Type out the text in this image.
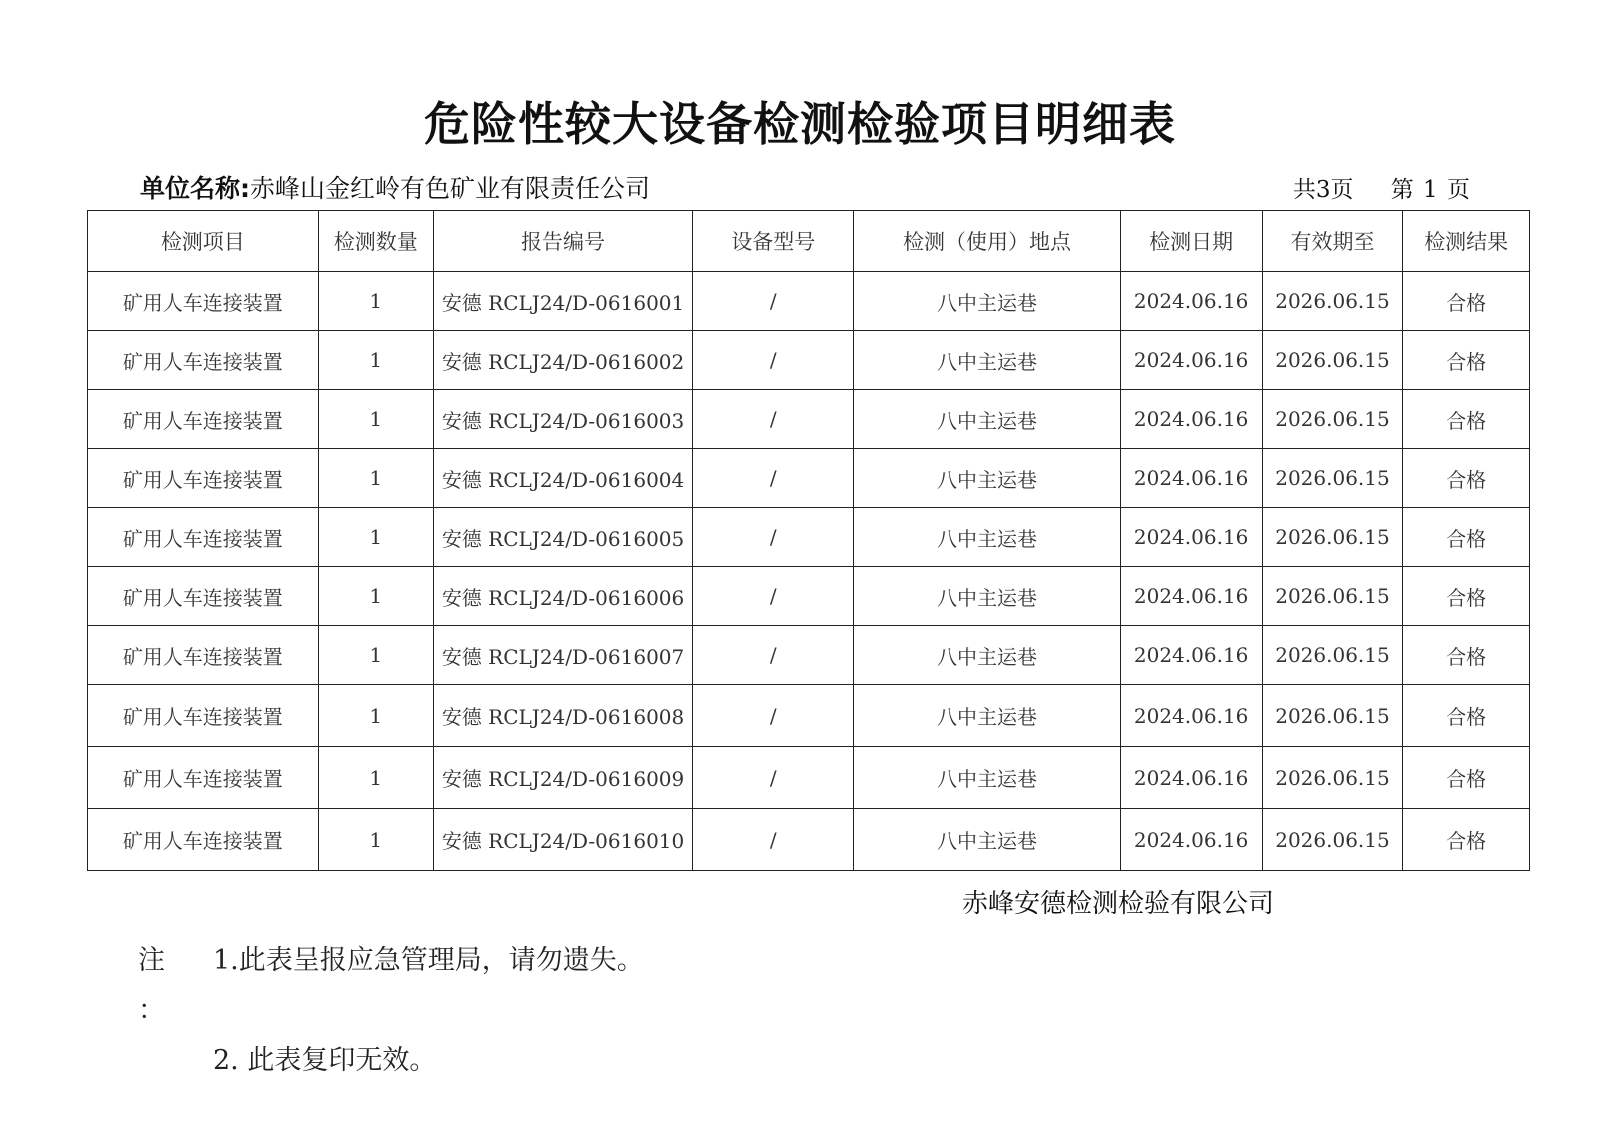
危险性较大设备检测检验项目明细表
单位名称:赤峰山金红岭有色矿业有限责任公司	共3页 第 1 页
检测项目	检测数量	报告编号	设备型号	检测（使用）地点	检测日期	有效期至	检测结果
矿用人车连接装置	1	安德 RCLJ24/D-0616001	/	八中主运巷	2024.06.16	2026.06.15	合格
矿用人车连接装置	1	安德 RCLJ24/D-0616002	/	八中主运巷	2024.06.16	2026.06.15	合格
矿用人车连接装置	1	安德 RCLJ24/D-0616003	/	八中主运巷	2024.06.16	2026.06.15	合格
矿用人车连接装置	1	安德 RCLJ24/D-0616004	/	八中主运巷	2024.06.16	2026.06.15	合格
矿用人车连接装置	1	安德 RCLJ24/D-0616005	/	八中主运巷	2024.06.16	2026.06.15	合格
矿用人车连接装置	1	安德 RCLJ24/D-0616006	/	八中主运巷	2024.06.16	2026.06.15	合格
矿用人车连接装置	1	安德 RCLJ24/D-0616007	/	八中主运巷	2024.06.16	2026.06.15	合格
矿用人车连接装置	1	安德 RCLJ24/D-0616008	/	八中主运巷	2024.06.16	2026.06.15	合格
矿用人车连接装置	1	安德 RCLJ24/D-0616009	/	八中主运巷	2024.06.16	2026.06.15	合格
矿用人车连接装置	1	安德 RCLJ24/D-0616010	/	八中主运巷	2024.06.16	2026.06.15	合格
赤峰安德检测检验有限公司
注 ：
1.此表呈报应急管理局，请勿遗失。
2. 此表复印无效。
